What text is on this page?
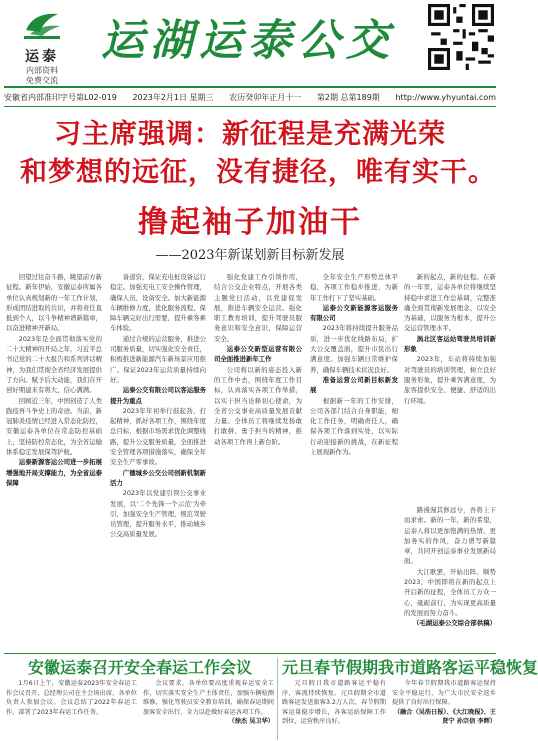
运泰
内部资料
免费交流
运湖运泰公交
安徽省内部准印字号第L02-019 2023年2月1日 星期三 农历癸卯年正月十一 第2期 总第189期 http://www.yhyuntai.com
习主席强调：新征程是充满光荣
和梦想的远征，没有捷径，唯有实干。
撸起袖子加油干
——2023年新谋划新目标新发展

回望过往奋斗路，眺望前方新征程。新年伊始，安徽运泰所属各单位认真规划新的一年工作计划，形成团结进取的共识，并将责任直抵到个人，以斗争精神谱新篇章，以奋进精神开新局。

2023年是全面贯彻落实党的二十大精神的开局之年，习近平总书记党的二十大报告和系列讲话精神，为我们贯彻全省经济发展提供了方向。赋予后大动能，我们在开创好期建来有将大、信心满满。

回顾近三年，中国创造了人类践疫再斗争史上的奇迹。当前，新冠肺炎疫情已经进入常态化防控，安徽运泰各单位在常态防控基础上，坚持防控常态化，为全省运输体系稳定发展保驾护航。

运泰新源客运公司进一步拓展增强地开局支撑能力，为全省运泰保障

备道资，保证充电桩设备运行稳定。加强充电工安全操作管理，确保人员、设备安全。加大新能源车辆维修力度，优化服务流程，保障车辆完好出行需要，提升乘客乘车体验。

通过合规的运营服务，推进公司服务质量，切实强化安全责任，积极推进新能源汽车新场景应用推广。保证2023年运营质量持续向好。

运泰公交有限公司以客运服务提升为重点

2023年年初举行鼓起劲、打起精神，抓好各项工作，围绕年度总目标，根据市场需求优化调整线路，提升公交服务质量，全面推进安全管理各项措施落实，确保全年安全生产零事故。

广德城乡公交公司创新机制新活力

2023年以党建引领公交事业发展，以'二个先锋一个示范'为牵引，加强安全生产管理，规范驾驶员管理，提升服务水平，推动城乡公交高质量发展。

强化党建工作引领作用，结合公交企业特点，开展各类主题党日活动，以党建促发展，推进车辆安全运营。强化职工教育培训，提升驾驶员服务意识和安全意识，保障运营安全。

运泰公交新型运营有限公司全面推进新年工作

公司将以新的姿态投入新的工作中去，围绕年度工作目标，认真落实各项工作举措，以实干担当诠释初心使命，为全省公交事业高质量发展贡献力量。全体员工将继续发扬敢打敢拼、勇于担当的精神，推动各项工作再上新台阶。

全年安全生产形势总体平稳，各项工作稳步推进，为新年工作打下了坚实基础。

运泰公交新能源客运服务有限公司

2023年将持续提升服务品质，进一步优化线路布局，扩大公交覆盖面，提升市民出行满意度。加强车辆日常维护保养，确保车辆技术状况良好。

准备运营公司新目标新发展

根据新一年的工作安排，公司各部门结合自身职能，细化工作任务，明确责任人，确保各项工作落到实处，以实际行动迎接新的挑战，在新征程上展现新作为。

新的起点，新的征程。在新的一年里，运泰各单位将继续坚持稳中求进工作总基调，完整准确全面贯彻新发展理念，以安全为基础，以服务为根本，提升公交运营管理水平。

涡北区客运站驾驶员培训新形象

2023年，车站将持续加强对驾驶员的培训管理，树立良好服务形象，提升乘客满意度，为旅客提供安全、便捷、舒适的出行环境。

路漫漫其修远兮，吾将上下而求索。新的一年，新的希望，运泰人将以更加饱满的热情、更加务实的作风，奋力谱写新篇章，共同开创运泰事业发展新局面。

大江歌罢，开始出阵。顺势2023，中国即将在新的起点上开启新的征程，全体员工万众一心，砥砺前行，为实现更高质量的发展而努力奋斗。

（毛湖运泰公交综合部供稿）
安徽运泰召开安全春运工作会议

1月6日上午，安徽运泰2023年安全春运工作会议召开，总经理公司在主会场出席，各单位负责人参加会议。会议总结了2022年春运工作，部署了2023年春运工作任务。

会议要求，各单位要高度重视春运安全工作，切实落实安全生产主体责任，加强车辆检测维修，强化驾驶员安全教育培训，确保春运期间旅客安全出行，全力以赴做好春运各项工作。

（徐杰 吴卫华）

元旦春节假期我市道路客运平稳恢复

元旦假日我市道路客运平稳有序，客流持续恢复。元旦假期全市道路客运发送旅客3.2万人次，春节假期客运量稳步增长，各客运站保障工作到位，运营秩序良好。

今年春节假期我市道路客运保持安全平稳运行，为广大市民安全返乡提供了良好出行保障。

（融合（吴浩日报）、《大江晚报》、王贤宁 孙宗信 李辉）
